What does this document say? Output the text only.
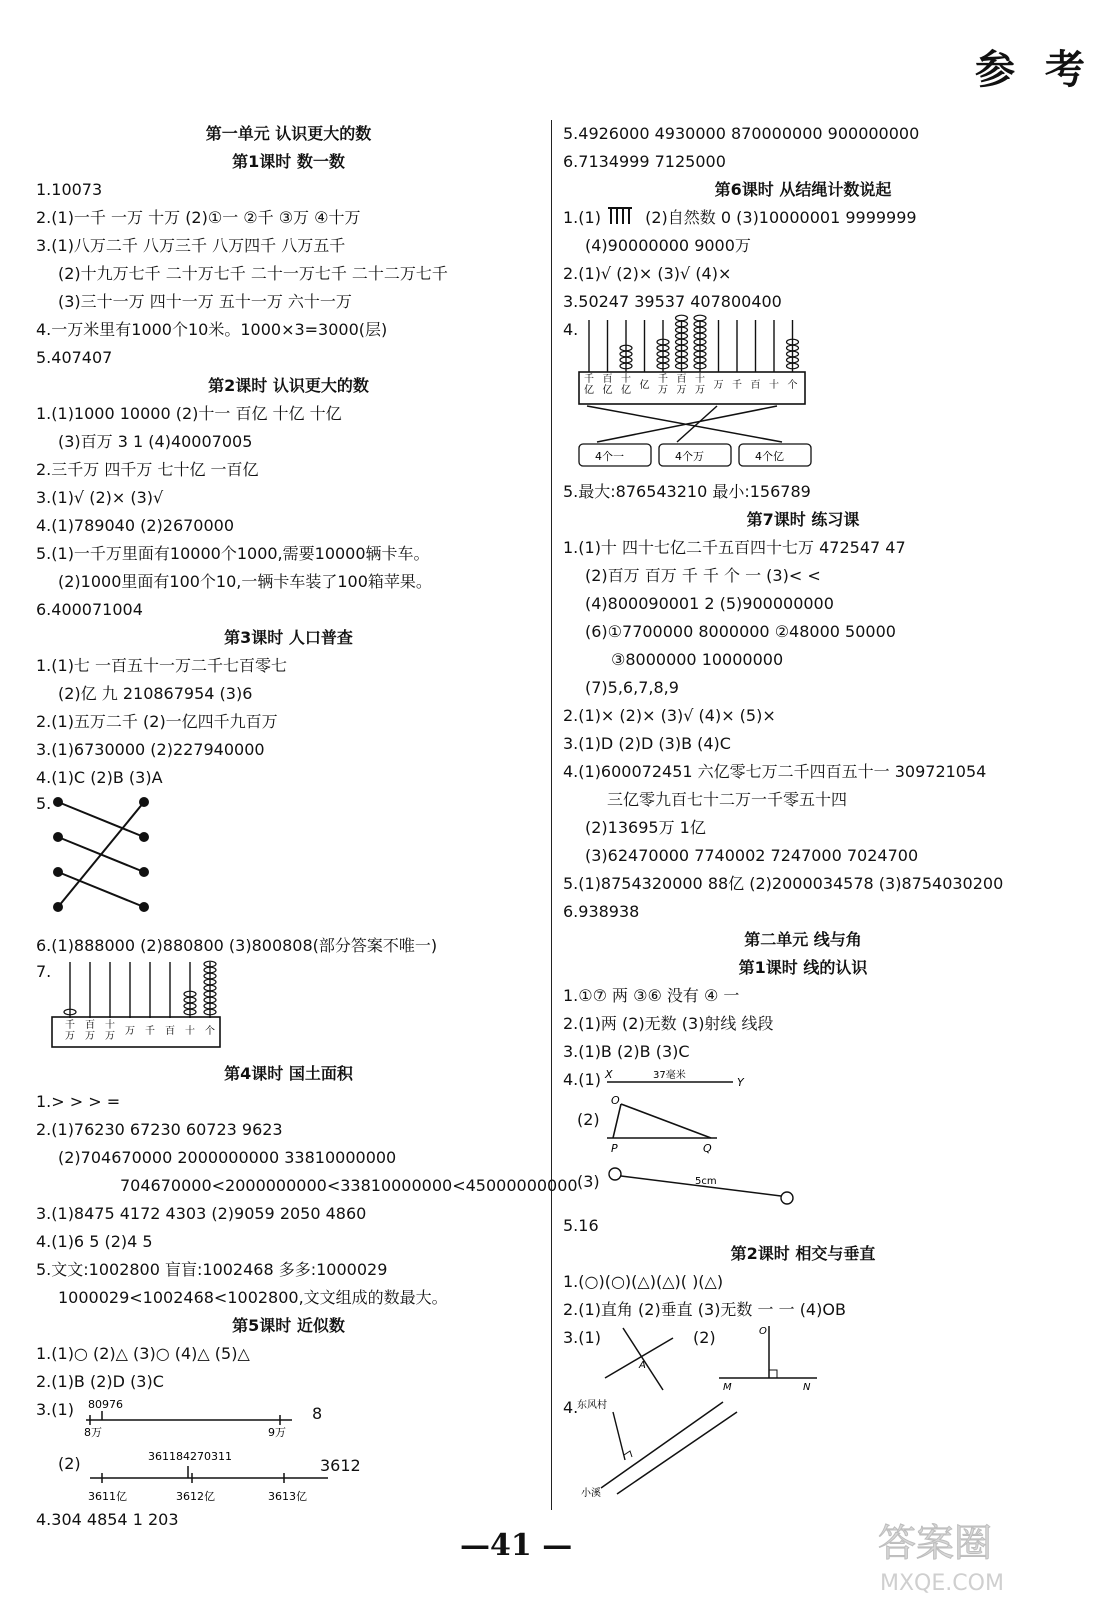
参 考
第一单元 认识更大的数
第1课时 数一数
1.10073
2.(1)一千 一万 十万 (2)①一 ②千 ③万 ④十万
3.(1)八万二千 八万三千 八万四千 八万五千
(2)十九万七千 二十万七千 二十一万七千 二十二万七千
(3)三十一万 四十一万 五十一万 六十一万
4.一万米里有1000个10米。1000×3=3000(层)
5.407407
第2课时 认识更大的数
1.(1)1000 10000 (2)十一 百亿 十亿 十亿
(3)百万 3 1 (4)40007005
2.三千万 四千万 七十亿 一百亿
3.(1)√ (2)× (3)√
4.(1)789040 (2)2670000
5.(1)一千万里面有10000个1000,需要10000辆卡车。
(2)1000里面有100个10,一辆卡车装了100箱苹果。
6.400071004
第3课时 人口普查
1.(1)七 一百五十一万二千七百零七
(2)亿 九 210867954 (3)6
2.(1)五万二千 (2)一亿四千九百万
3.(1)6730000 (2)227940000
4.(1)C (2)B (3)A
5.
6.(1)888000 (2)880800 (3)800808(部分答案不唯一)
7.
千
万
百
万
十
万 万 千 百 十 个
第4课时 国土面积
1.> > > =
2.(1)76230 67230 60723 9623
(2)704670000 2000000000 33810000000
704670000<2000000000<33810000000<45000000000
3.(1)8475 4172 4303 (2)9059 2050 4860
4.(1)6 5 (2)4 5
5.文文:1002800 盲盲:1002468 多多:1000029
1000029<1002468<1002800,文文组成的数最大。
第5课时 近似数
1.(1)○ (2)△ (3)○ (4)△ (5)△
2.(1)B (2)D (3)C
3.(1) 80976
8万	9万
8
(2)	361184270311
3611亿	3612亿	3613亿
3612
4.304 4854 1 203
5.4926000 4930000 870000000 900000000
6.7134999 7125000
第6课时 从结绳计数说起
1.(1)	(2)自然数 0 (3)10000001 9999999
(4)90000000 9000万
2.(1)√ (2)× (3)√ (4)×
3.50247 39537 407800400
4.
千
亿
百
亿
十
亿 亿
千
万
百
万
十
万 万 千 百 十 个
4个一	4个万	4个亿
5.最大:876543210 最小:156789
第7课时 练习课
1.(1)十 四十七亿二千五百四十七万 472547 47
(2)百万 百万 千 千 个 一 (3)< <
(4)800090001 2 (5)900000000
(6)①7700000 8000000 ②48000 50000
③8000000 10000000
(7)5,6,7,8,9
2.(1)× (2)× (3)√ (4)× (5)×
3.(1)D (2)D (3)B (4)C
4.(1)600072451 六亿零七万二千四百五十一 309721054
三亿零九百七十二万一千零五十四
(2)13695万 1亿
(3)62470000 7740002 7247000 7024700
5.(1)8754320000 88亿 (2)2000034578 (3)8754030200
6.938938
第二单元 线与角
第1课时 线的认识
1.①⑦ 两 ③⑥ 没有 ④ 一
2.(1)两 (2)无数 (3)射线 线段
3.(1)B (2)B (3)C
4.(1) X	37毫米
Y
(2)
O
P	Q
(3)	5cm
5.16
第2课时 相交与垂直
1.(○)(○)(△)(△)( )(△)
2.(1)直角 (2)垂直 (3)无数 一 一 (4)OB
3.(1)
A
(2)	O
M	N
4.
东风村
小溪
—41 —	答案圈
MXQE.COM
